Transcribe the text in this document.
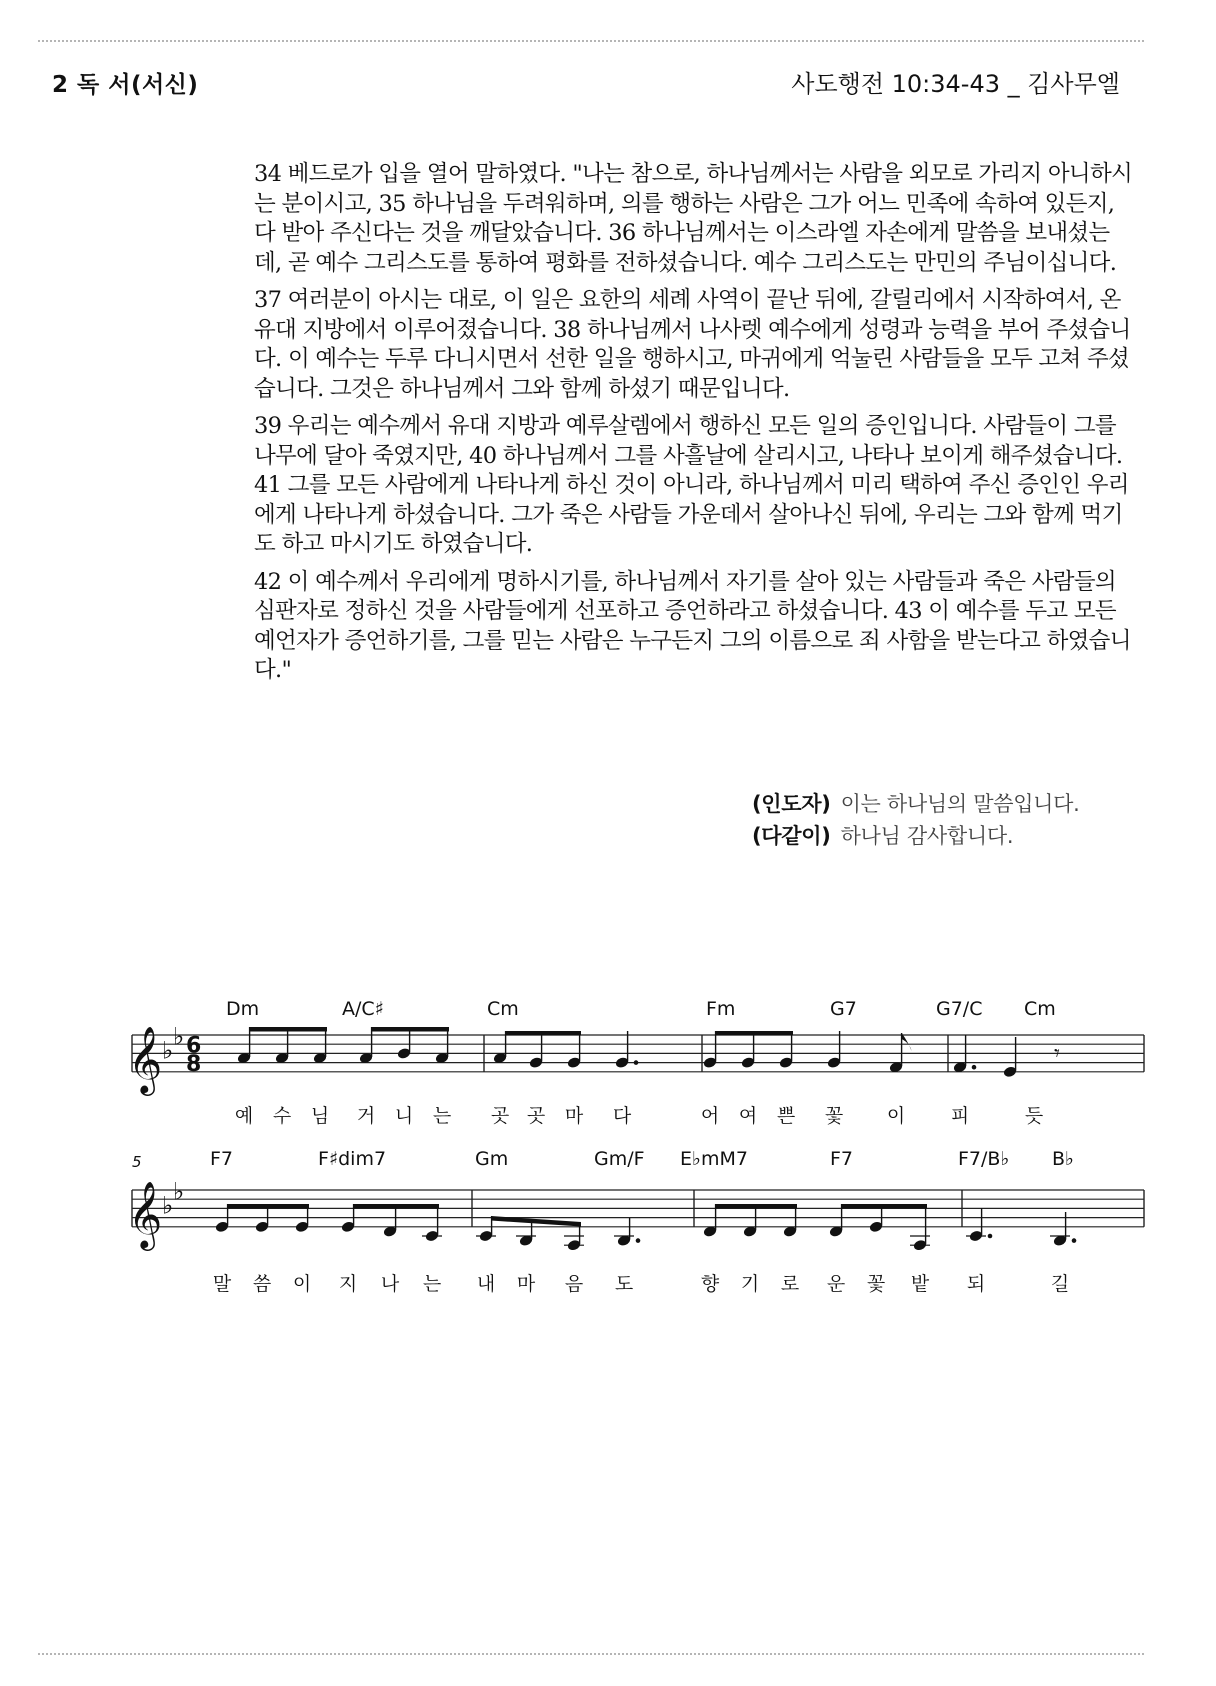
2 독 서(서신)	사도행전 10:34-43 _ 김사무엘

34 베드로가 입을 열어 말하였다. "나는 참으로, 하나님께서는 사람을 외모로 가리지 아니하시는 분이시고, 35 하나님을 두려워하며, 의를 행하는 사람은 그가 어느 민족에 속하여 있든지, 다 받아 주신다는 것을 깨달았습니다. 36 하나님께서는 이스라엘 자손에게 말씀을 보내셨는데, 곧 예수 그리스도를 통하여 평화를 전하셨습니다. 예수 그리스도는 만민의 주님이십니다.

37 여러분이 아시는 대로, 이 일은 요한의 세례 사역이 끝난 뒤에, 갈릴리에서 시작하여서, 온 유대 지방에서 이루어졌습니다. 38 하나님께서 나사렛 예수에게 성령과 능력을 부어 주셨습니다. 이 예수는 두루 다니시면서 선한 일을 행하시고, 마귀에게 억눌린 사람들을 모두 고쳐 주셨습니다. 그것은 하나님께서 그와 함께 하셨기 때문입니다.

39 우리는 예수께서 유대 지방과 예루살렘에서 행하신 모든 일의 증인입니다. 사람들이 그를 나무에 달아 죽였지만, 40 하나님께서 그를 사흘날에 살리시고, 나타나 보이게 해주셨습니다. 41 그를 모든 사람에게 나타나게 하신 것이 아니라, 하나님께서 미리 택하여 주신 증인인 우리에게 나타나게 하셨습니다. 그가 죽은 사람들 가운데서 살아나신 뒤에, 우리는 그와 함께 먹기도 하고 마시기도 하였습니다.

42 이 예수께서 우리에게 명하시기를, 하나님께서 자기를 살아 있는 사람들과 죽은 사람들의 심판자로 정하신 것을 사람들에게 선포하고 증언하라고 하셨습니다. 43 이 예수를 두고 모든 예언자가 증언하기를, 그를 믿는 사람은 누구든지 그의 이름으로 죄 사함을 받는다고 하였습니다."

(인도자) 이는 하나님의 말씀입니다.
(다같이) 하나님 감사합니다.
𝄞 ♭ ♭ 6
8
Dm	A/C♯	Cm	Fm	G7	G7/C Cm
𝄾
예 수 님 거 니 는 곳 곳 마 다	어 여 쁜 꽃 이 피	듯
5
𝄞 ♭ ♭
F7	F♯dim7	Gm	Gm/F E♭mM7	F7	F7/B♭ B♭
말 씀 이 지 나 는 내 마 음 도	향 기 로 운 꽃 밭 되	길
